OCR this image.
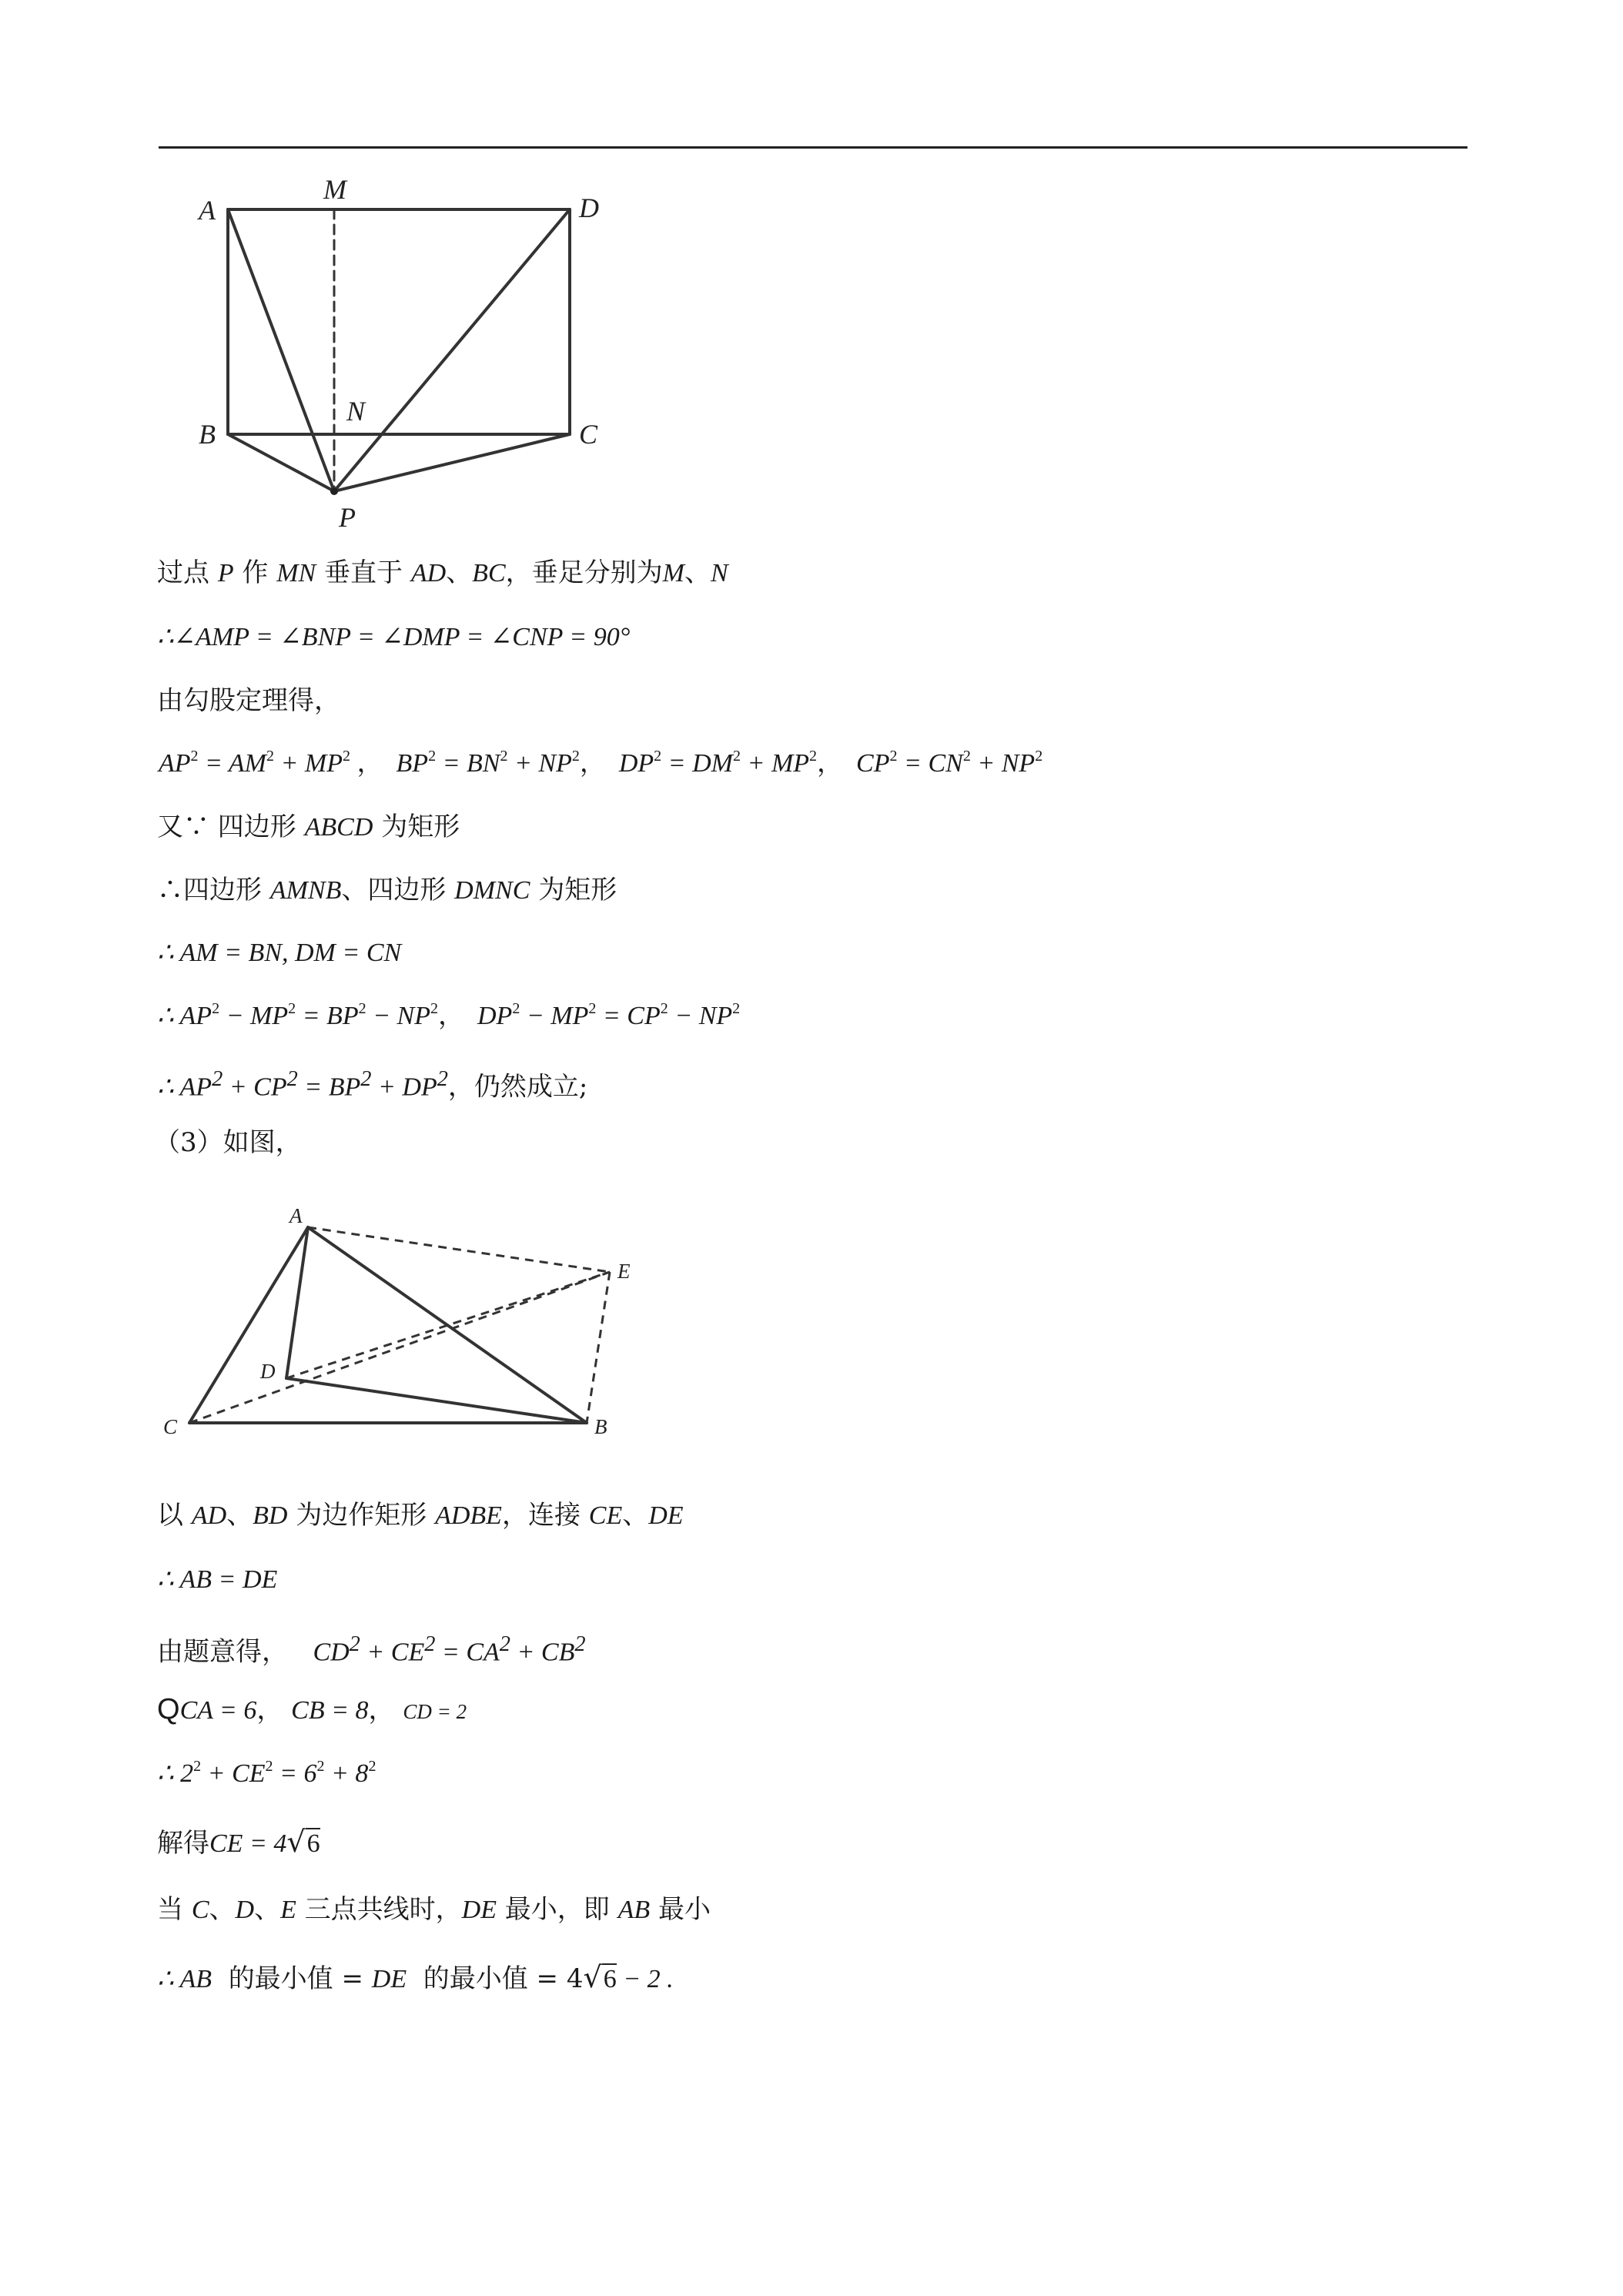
A
M
D
B
N
C
P
过点 P 作 MN 垂直于 AD、BC，垂足分别为M、N
∴∠AMP = ∠BNP = ∠DMP = ∠CNP = 90°
由勾股定理得，
$AP^2 = AM^2 + MP^2$ ， $BP^2 = BN^2 + NP^2$， $DP^2 = DM^2 + MP^2$， $CP^2 = CN^2 + NP^2$
又∵ 四边形 ABCD 为矩形
∴四边形 AMNB、四边形 DMNC 为矩形
∴ AM = BN, DM = CN
∴ $AP^2 - MP^2 = BP^2 - NP^2$， $DP^2 - MP^2 = CP^2 - NP^2$
∴ $AP^2 + CP^2 = BP^2 + DP^2$，仍然成立;
（3）如图，
A
E
D
C	B
以 AD、BD 为边作矩形 ADBE，连接 CE、DE
∴ AB = DE
由题意得， $CD^2 + CE^2 = CA^2 + CB^2$
QCA = 6， CB = 8， CD = 2
∴ $2^2 + CE^2 = 6^2 + 8^2$
解得CE = 4√6
当 C、D、E 三点共线时，DE 最小，即 AB 最小
∴ AB 的最小值 = DE 的最小值 = 4√6 − 2 .
